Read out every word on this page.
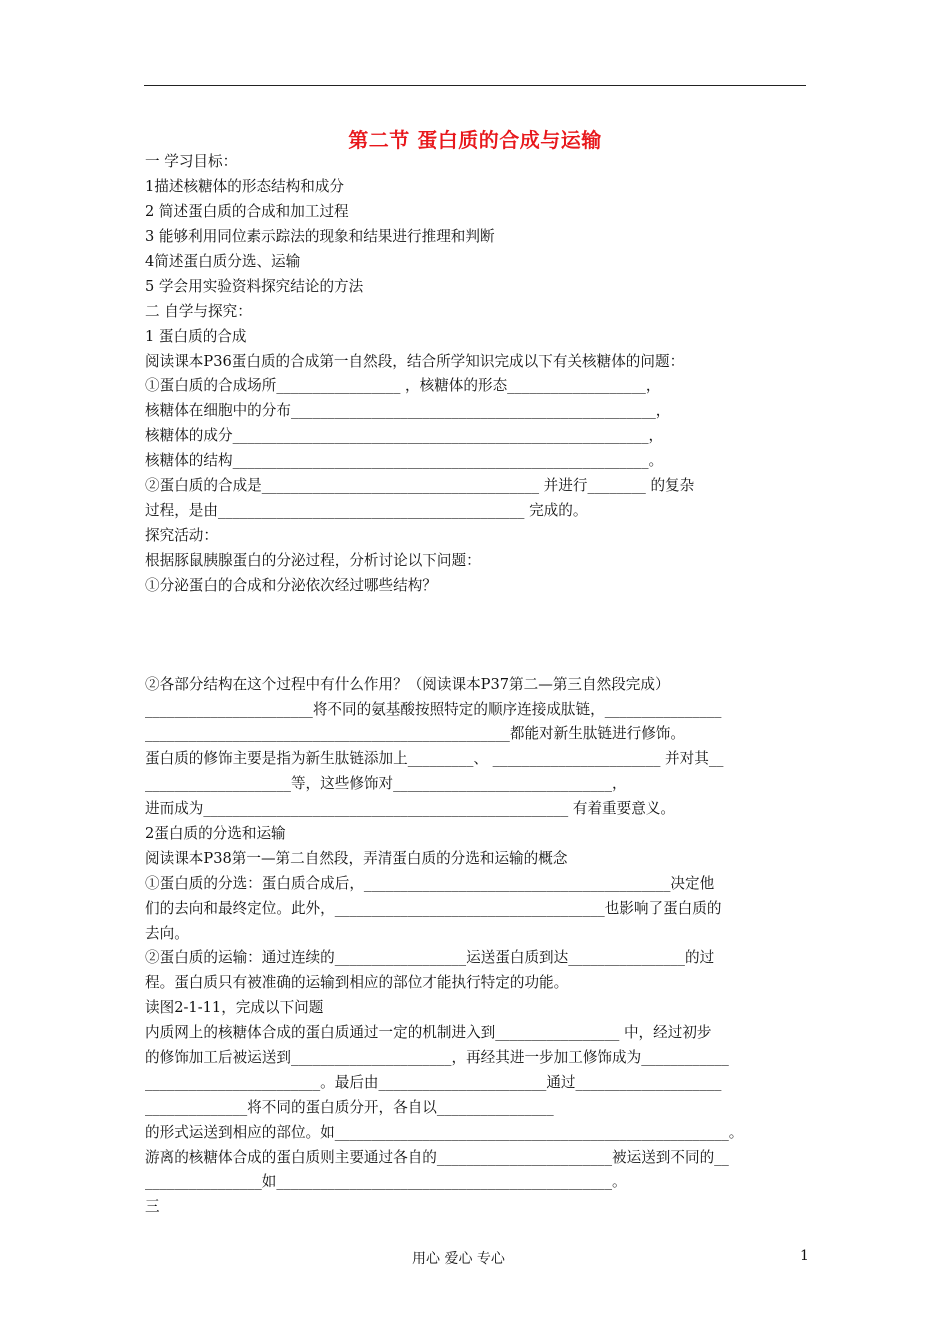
第二节 蛋白质的合成与运输
一 学习目标：
1描述核糖体的形态结构和成分
2 简述蛋白质的合成和加工过程
3 能够利用同位素示踪法的现象和结果进行推理和判断
4简述蛋白质分选、运输
5 学会用实验资料探究结论的方法
二 自学与探究：
1 蛋白质的合成
阅读课本P36蛋白质的合成第一自然段，结合所学知识完成以下有关核糖体的问题：
①蛋白质的合成场所_________________ ，核糖体的形态___________________，
核糖体在细胞中的分布__________________________________________________，
核糖体的成分_________________________________________________________，
核糖体的结构_________________________________________________________。
②蛋白质的合成是______________________________________ 并进行________ 的复杂
过程，是由__________________________________________ 完成的。
探究活动：
根据豚鼠胰腺蛋白的分泌过程，分析讨论以下问题：
①分泌蛋白的合成和分泌依次经过哪些结构？
②各部分结构在这个过程中有什么作用？（阅读课本P37第二—第三自然段完成）
_______________________将不同的氨基酸按照特定的顺序连接成肽链，________________
__________________________________________________都能对新生肽链进行修饰。
蛋白质的修饰主要是指为新生肽链添加上_________、 _______________________ 并对其__
____________________等，这些修饰对______________________________，
进而成为__________________________________________________ 有着重要意义。
2蛋白质的分选和运输
阅读课本P38第一—第二自然段，弄清蛋白质的分选和运输的概念
①蛋白质的分选：蛋白质合成后，__________________________________________决定他
们的去向和最终定位。此外，_____________________________________也影响了蛋白质的
去向。
②蛋白质的运输：通过连续的__________________运送蛋白质到达________________的过
程。蛋白质只有被准确的运输到相应的部位才能执行特定的功能。
读图2-1-11，完成以下问题
内质网上的核糖体合成的蛋白质通过一定的机制进入到_________________ 中，经过初步
的修饰加工后被运送到______________________，再经其进一步加工修饰成为____________
________________________。最后由_______________________通过____________________
______________将不同的蛋白质分开，各自以________________
的形式运送到相应的部位。如______________________________________________________。
游离的核糖体合成的蛋白质则主要通过各自的________________________被运送到不同的__
________________如______________________________________________。
三
用心 爱心 专心	1
